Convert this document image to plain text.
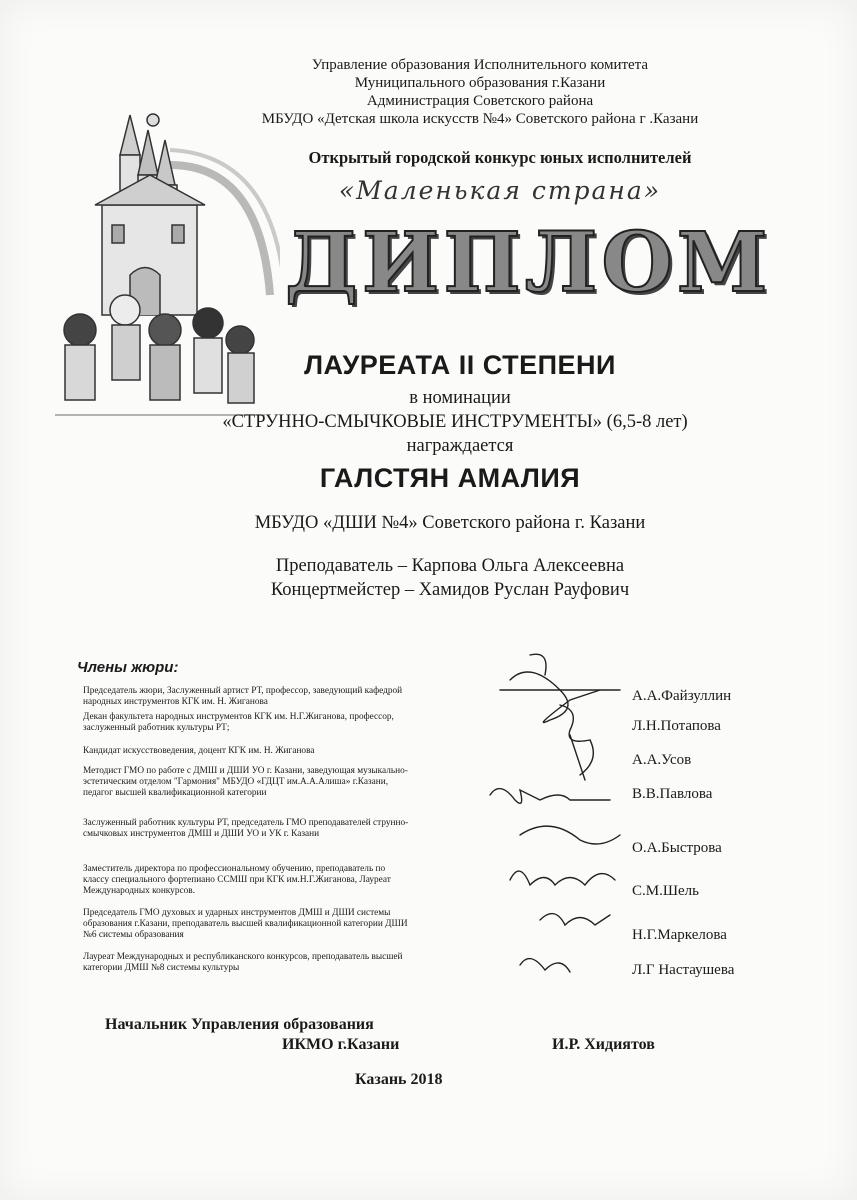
Управление образования Исполнительного комитета
Муниципального образования г.Казани
Администрация Советского района
МБУДО «Детская школа искусств №4» Советского района г .Казани
Открытый городской конкурс юных исполнителей
«Маленькая страна»
ДИПЛОМ
ЛАУРЕАТА II СТЕПЕНИ
в номинации
«СТРУННО-СМЫЧКОВЫЕ ИНСТРУМЕНТЫ» (6,5-8 лет)
награждается
ГАЛСТЯН АМАЛИЯ
МБУДО «ДШИ №4» Советского района г. Казани
Преподаватель – Карпова Ольга Алексеевна
Концертмейстер – Хамидов Руслан Рауфович
Члены жюри:
Председатель жюри, Заслуженный артист РТ, профессор, заведующий кафедрой народных инструментов КГК им. Н. Жиганова
Декан факультета народных инструментов КГК им. Н.Г.Жиганова, профессор, заслуженный работник культуры РТ;
Кандидат искусствоведения, доцент КГК им. Н. Жиганова
Методист ГМО по работе с ДМШ и ДШИ УО г. Казани, заведующая музыкально-эстетическим отделом "Гармония" МБУДО «ГДЦТ им.А.А.Алиша» г.Казани, педагог высшей квалификационной категории
Заслуженный работник культуры РТ, председатель ГМО преподавателей струнно-смычковых инструментов ДМШ и ДШИ УО и УК г. Казани
Заместитель директора по профессиональному обучению, преподаватель по классу специального фортепиано ССМШ при КГК им.Н.Г.Жиганова, Лауреат Международных конкурсов.
Председатель ГМО духовых и ударных инструментов ДМШ и ДШИ системы образования г.Казани, преподаватель высшей квалификационной категории ДШИ №6 системы образования
Лауреат Международных и республиканского конкурсов, преподаватель высшей категории ДМШ №8 системы культуры
А.А.Файзуллин
Л.Н.Потапова
А.А.Усов
В.В.Павлова
О.А.Быстрова
С.М.Шель
Н.Г.Маркелова
Л.Г Настаушева
Начальник Управления образования
ИКМО г.Казани	И.Р. Хидиятов
Казань 2018
